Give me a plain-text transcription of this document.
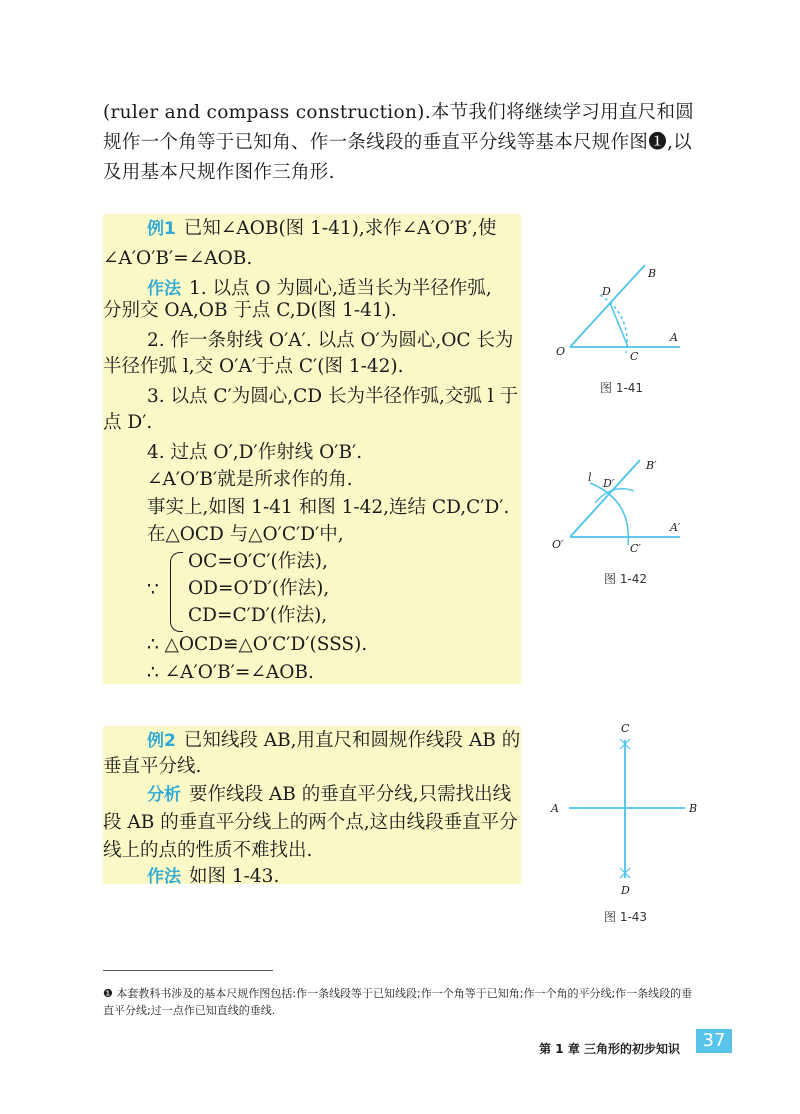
(ruler and compass construction).本节我们将继续学习用直尺和圆规作一个角等于已知角、作一条线段的垂直平分线等基本尺规作图❶,以及用基本尺规作图作三角形.
例1 已知∠AOB(图 1-41),求作∠A′O′B′,使
∠A′O′B′=∠AOB.
作法 1. 以点 O 为圆心,适当长为半径作弧,
分别交 OA,OB 于点 C,D(图 1-41).
2. 作一条射线 O′A′. 以点 O′为圆心,OC 长为
半径作弧 l,交 O′A′于点 C′(图 1-42).
3. 以点 C′为圆心,CD 长为半径作弧,交弧 l 于
点 D′.
4. 过点 O′,D′作射线 O′B′.
∠A′O′B′就是所求作的角.
事实上,如图 1-41 和图 1-42,连结 CD,C′D′.
在△OCD 与△O′C′D′中,
∵
OC=O′C′(作法),
OD=O′D′(作法),
CD=C′D′(作法),
∴ △OCD≌△O′C′D′(SSS).
∴ ∠A′O′B′=∠AOB.
例2 已知线段 AB,用直尺和圆规作线段 AB 的
垂直平分线.
分析 要作线段 AB 的垂直平分线,只需找出线
段 AB 的垂直平分线上的两个点,这由线段垂直平分
线上的点的性质不难找出.
作法 如图 1-43.
O
A
B
C
D
图 1-41
O′
A′
B′
C′
D′
l
图 1-42
A	B
C
D
图 1-43
❶ 本套教科书涉及的基本尺规作图包括:作一条线段等于已知线段;作一个角等于已知角;作一个角的平分线;作一条线段的垂直平分线;过一点作已知直线的垂线.
第 1 章 三角形的初步知识	37
